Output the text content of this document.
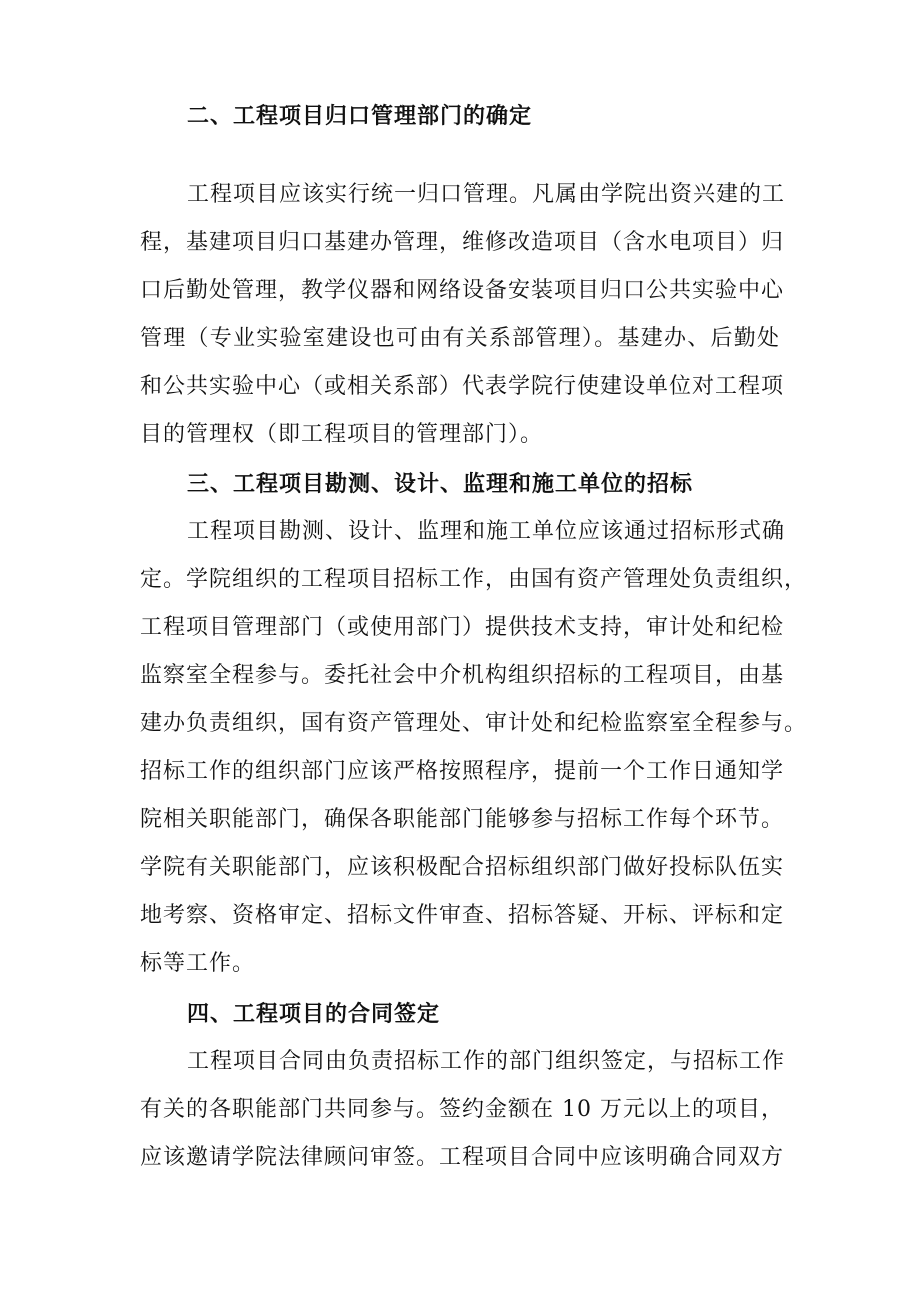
二、工程项目归口管理部门的确定
工程项目应该实行统一归口管理。凡属由学院出资兴建的工
程，基建项目归口基建办管理，维修改造项目（含水电项目）归
口后勤处管理，教学仪器和网络设备安装项目归口公共实验中心
管理（专业实验室建设也可由有关系部管理）。基建办、后勤处
和公共实验中心（或相关系部）代表学院行使建设单位对工程项
目的管理权（即工程项目的管理部门）。
三、工程项目勘测、设计、监理和施工单位的招标
工程项目勘测、设计、监理和施工单位应该通过招标形式确
定。学院组织的工程项目招标工作，由国有资产管理处负责组织，
工程项目管理部门（或使用部门）提供技术支持，审计处和纪检
监察室全程参与。委托社会中介机构组织招标的工程项目，由基
建办负责组织，国有资产管理处、审计处和纪检监察室全程参与。
招标工作的组织部门应该严格按照程序，提前一个工作日通知学
院相关职能部门，确保各职能部门能够参与招标工作每个环节。
学院有关职能部门，应该积极配合招标组织部门做好投标队伍实
地考察、资格审定、招标文件审查、招标答疑、开标、评标和定
标等工作。
四、工程项目的合同签定
工程项目合同由负责招标工作的部门组织签定，与招标工作
有关的各职能部门共同参与。签约金额在 10 万元以上的项目，
应该邀请学院法律顾问审签。工程项目合同中应该明确合同双方
